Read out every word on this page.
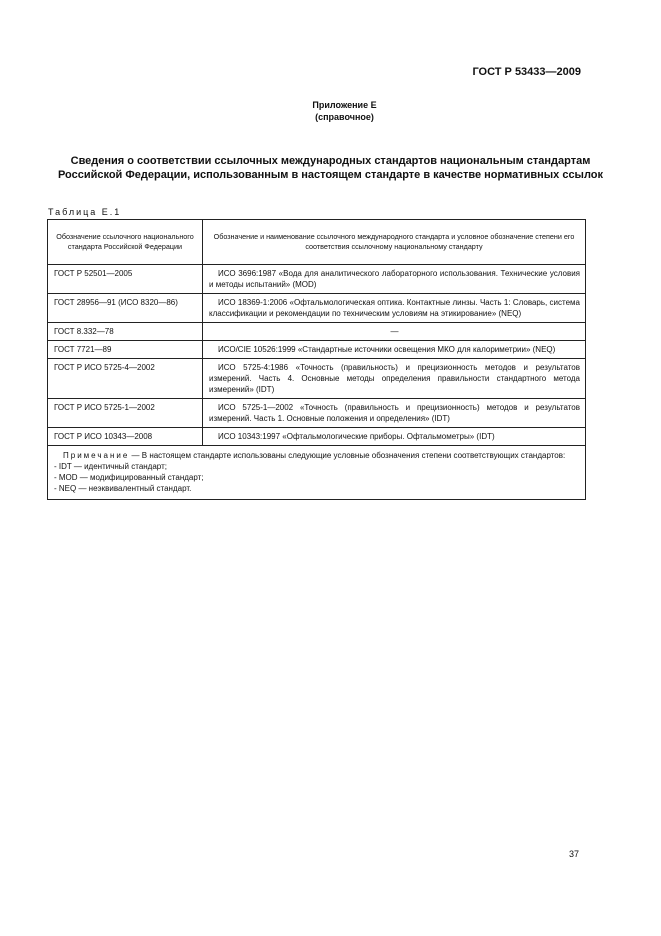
ГОСТ Р 53433—2009
Приложение Е
(справочное)
Сведения о соответствии ссылочных международных стандартов национальным стандартам Российской Федерации, использованным в настоящем стандарте в качестве нормативных ссылок
Таблица Е.1
Обозначение ссылочного национального стандарта Российской Федерации	Обозначение и наименование ссылочного международного стандарта и условное обозначение степени его соответствия ссылочному национальному стандарту
ГОСТ Р 52501—2005	ИСО 3696:1987 «Вода для аналитического лабораторного использования. Технические условия и методы испытаний» (MOD)
ГОСТ 28956—91 (ИСО 8320—86)	ИСО 18369-1:2006 «Офтальмологическая оптика. Контактные линзы. Часть 1: Словарь, система классификации и рекомендации по техническим условиям на этикирование» (NEQ)
ГОСТ 8.332—78	—
ГОСТ 7721—89	ИСО/CIE 10526:1999 «Стандартные источники освещения МКО для калориметрии» (NEQ)
ГОСТ Р ИСО 5725-4—2002	ИСО 5725-4:1986 «Точность (правильность) и прецизионность методов и результатов измерений. Часть 4. Основные методы определения правильности стандартного метода измерений» (IDT)
ГОСТ Р ИСО 5725-1—2002	ИСО 5725-1—2002 «Точность (правильность и прецизионность) методов и результатов измерений. Часть 1. Основные положения и определения» (IDT)
ГОСТ Р ИСО 10343—2008	ИСО 10343:1997 «Офтальмологические приборы. Офтальмометры» (IDT)

Примечание — В настоящем стандарте использованы следующие условные обозначения степени соответствующих стандартов:
- IDT — идентичный стандарт;
- MOD — модифицированный стандарт;
- NEQ — неэквивалентный стандарт.	
37
